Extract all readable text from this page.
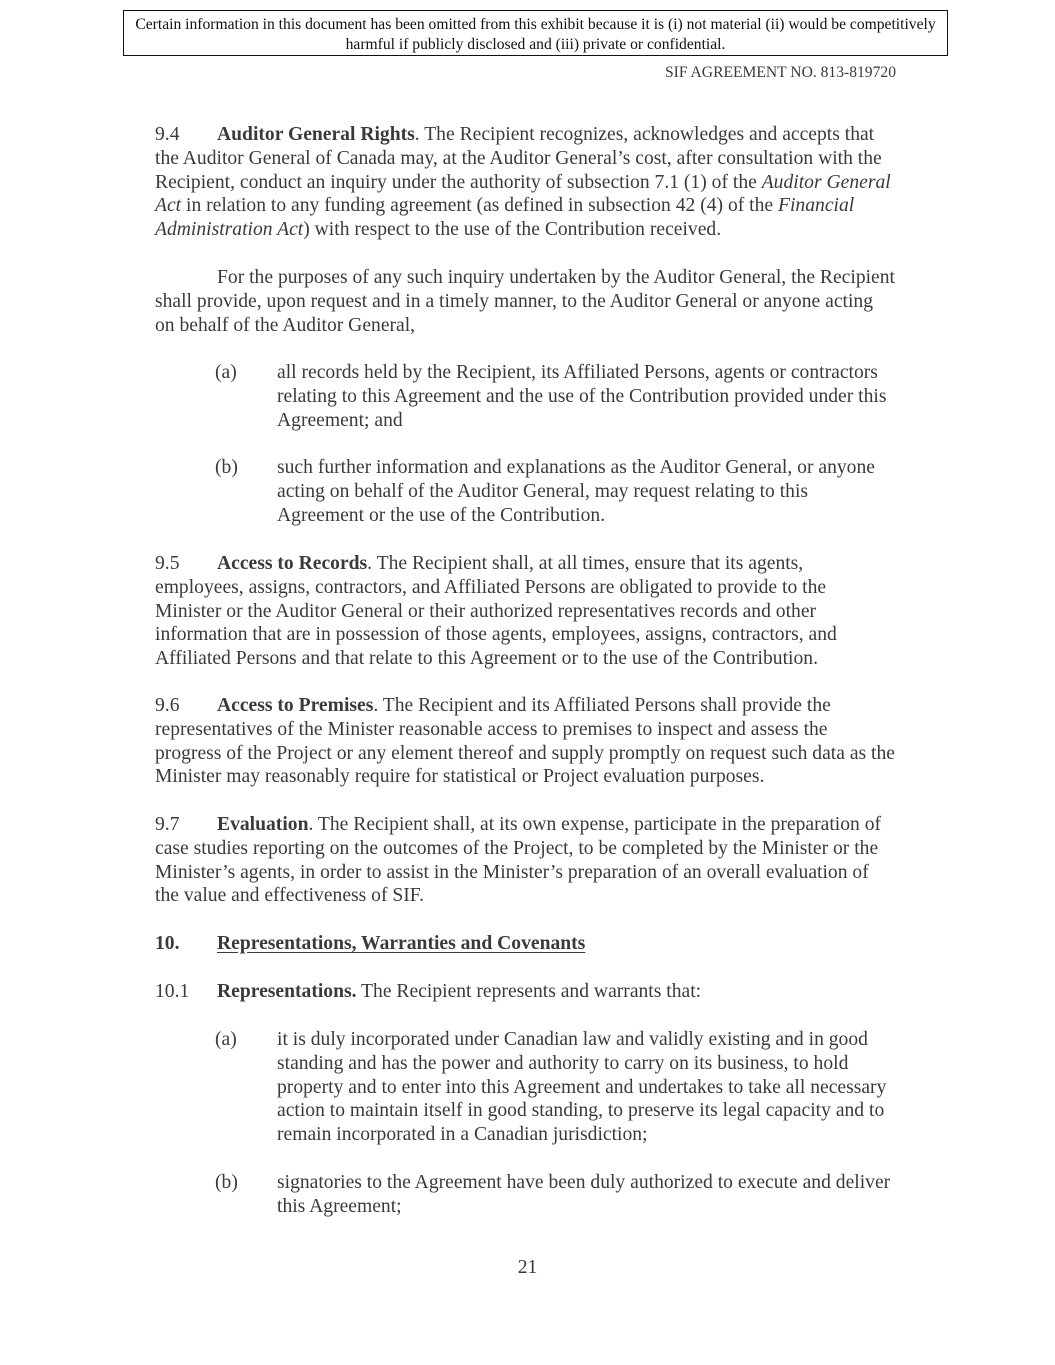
Certain information in this document has been omitted from this exhibit because it is (i) not material (ii) would be competitively harmful if publicly disclosed and (iii) private or confidential.
SIF AGREEMENT NO. 813-819720

9.4 Auditor General Rights. The Recipient recognizes, acknowledges and accepts that the Auditor General of Canada may, at the Auditor General’s cost, after consultation with the Recipient, conduct an inquiry under the authority of subsection 7.1 (1) of the Auditor General Act in relation to any funding agreement (as defined in subsection 42 (4) of the Financial Administration Act) with respect to the use of the Contribution received.

For the purposes of any such inquiry undertaken by the Auditor General, the Recipient shall provide, upon request and in a timely manner, to the Auditor General or anyone acting on behalf of the Auditor General,
(a)	all records held by the Recipient, its Affiliated Persons, agents or contractors relating to this Agreement and the use of the Contribution provided under this Agreement; and
(b)	such further information and explanations as the Auditor General, or anyone acting on behalf of the Auditor General, may request relating to this Agreement or the use of the Contribution.

9.5 Access to Records. The Recipient shall, at all times, ensure that its agents, employees, assigns, contractors, and Affiliated Persons are obligated to provide to the Minister or the Auditor General or their authorized representatives records and other information that are in possession of those agents, employees, assigns, contractors, and Affiliated Persons and that relate to this Agreement or to the use of the Contribution.

9.6 Access to Premises. The Recipient and its Affiliated Persons shall provide the representatives of the Minister reasonable access to premises to inspect and assess the progress of the Project or any element thereof and supply promptly on request such data as the Minister may reasonably require for statistical or Project evaluation purposes.

9.7 Evaluation. The Recipient shall, at its own expense, participate in the preparation of case studies reporting on the outcomes of the Project, to be completed by the Minister or the Minister’s agents, in order to assist in the Minister’s preparation of an overall evaluation of the value and effectiveness of SIF.

10. Representations, Warranties and Covenants

10.1 Representations. The Recipient represents and warrants that:

(a)	it is duly incorporated under Canadian law and validly existing and in good standing and has the power and authority to carry on its business, to hold property and to enter into this Agreement and undertakes to take all necessary action to maintain itself in good standing, to preserve its legal capacity and to remain incorporated in a Canadian jurisdiction;
(b)	signatories to the Agreement have been duly authorized to execute and deliver this Agreement;
21
